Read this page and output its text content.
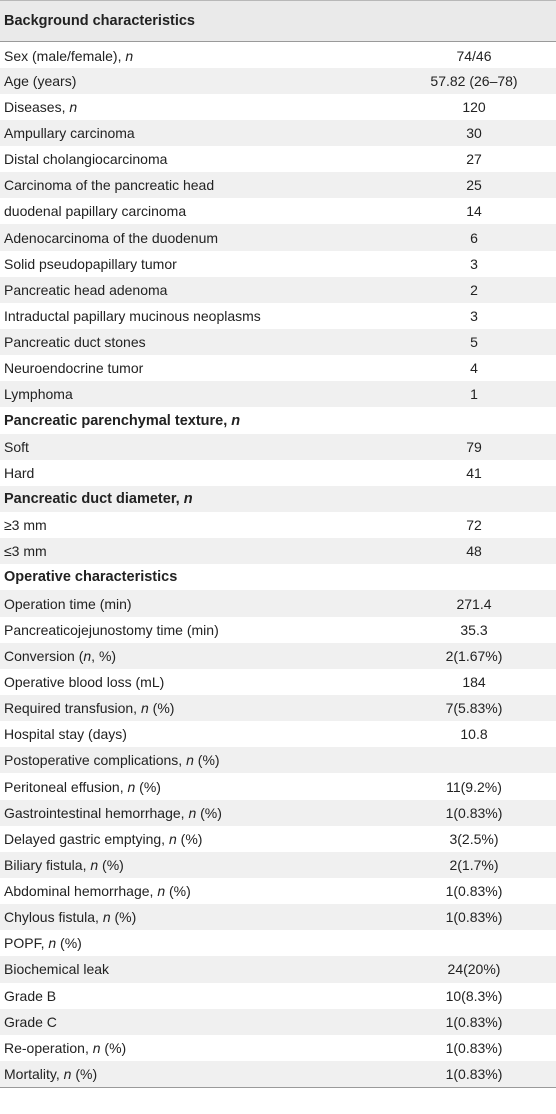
Background characteristics	
Sex (male/female), n	74/46
Age (years)	57.82 (26–78)
Diseases, n	120
Ampullary carcinoma	30
Distal cholangiocarcinoma	27
Carcinoma of the pancreatic head	25
duodenal papillary carcinoma	14
Adenocarcinoma of the duodenum	6
Solid pseudopapillary tumor	3
Pancreatic head adenoma	2
Intraductal papillary mucinous neoplasms	3
Pancreatic duct stones	5
Neuroendocrine tumor	4
Lymphoma	1
Pancreatic parenchymal texture, n	
Soft	79
Hard	41
Pancreatic duct diameter, n	
≥3 mm	72
≤3 mm	48
Operative characteristics	
Operation time (min)	271.4
Pancreaticojejunostomy time (min)	35.3
Conversion (n, %)	2(1.67%)
Operative blood loss (mL)	184
Required transfusion, n (%)	7(5.83%)
Hospital stay (days)	10.8
Postoperative complications, n (%)	
Peritoneal effusion, n (%)	11(9.2%)
Gastrointestinal hemorrhage, n (%)	1(0.83%)
Delayed gastric emptying, n (%)	3(2.5%)
Biliary fistula, n (%)	2(1.7%)
Abdominal hemorrhage, n (%)	1(0.83%)
Chylous fistula, n (%)	1(0.83%)
POPF, n (%)	
Biochemical leak	24(20%)
Grade B	10(8.3%)
Grade C	1(0.83%)
Re-operation, n (%)	1(0.83%)
Mortality, n (%)	1(0.83%)
